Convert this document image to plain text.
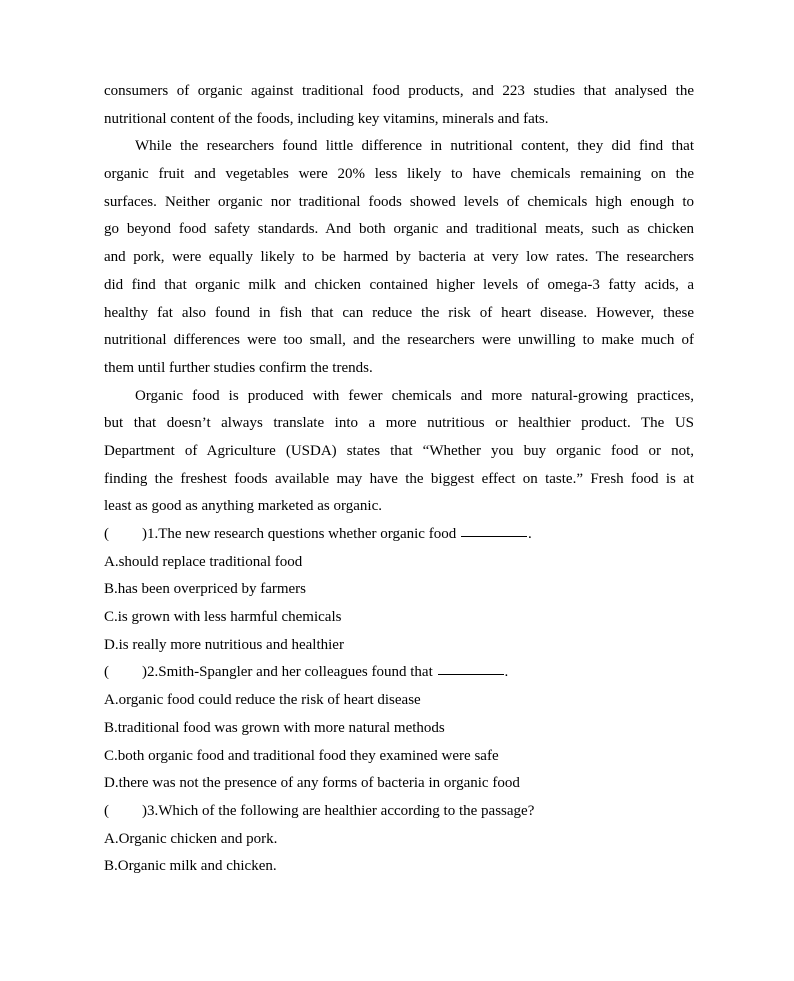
consumers of organic against traditional food products, and 223 studies that analysed the
nutritional content of the foods, including key vitamins, minerals and fats.
While the researchers found little difference in nutritional content, they did find that
organic fruit and vegetables were 20% less likely to have chemicals remaining on the
surfaces. Neither organic nor traditional foods showed levels of chemicals high enough to
go beyond food safety standards. And both organic and traditional meats, such as chicken
and pork, were equally likely to be harmed by bacteria at very low rates. The researchers
did find that organic milk and chicken contained higher levels of omega-3 fatty acids, a
healthy fat also found in fish that can reduce the risk of heart disease. However, these
nutritional differences were too small, and the researchers were unwilling to make much of
them until further studies confirm the trends.
Organic food is produced with fewer chemicals and more natural-growing practices,
but that doesn’t always translate into a more nutritious or healthier product. The US
Department of Agriculture (USDA) states that “Whether you buy organic food or not,
finding the freshest foods available may have the biggest effect on taste.” Fresh food is at
least as good as anything marketed as organic.
(	) 1.The new research questions whether organic food	.
A.should replace traditional food
B.has been overpriced by farmers
C.is grown with less harmful chemicals
D.is really more nutritious and healthier
(	) 2.Smith-Spangler and her colleagues found that	.
A.organic food could reduce the risk of heart disease
B.traditional food was grown with more natural methods
C.both organic food and traditional food they examined were safe
D.there was not the presence of any forms of bacteria in organic food
(	) 3.Which of the following are healthier according to the passage?
A.Organic chicken and pork.
B.Organic milk and chicken.
